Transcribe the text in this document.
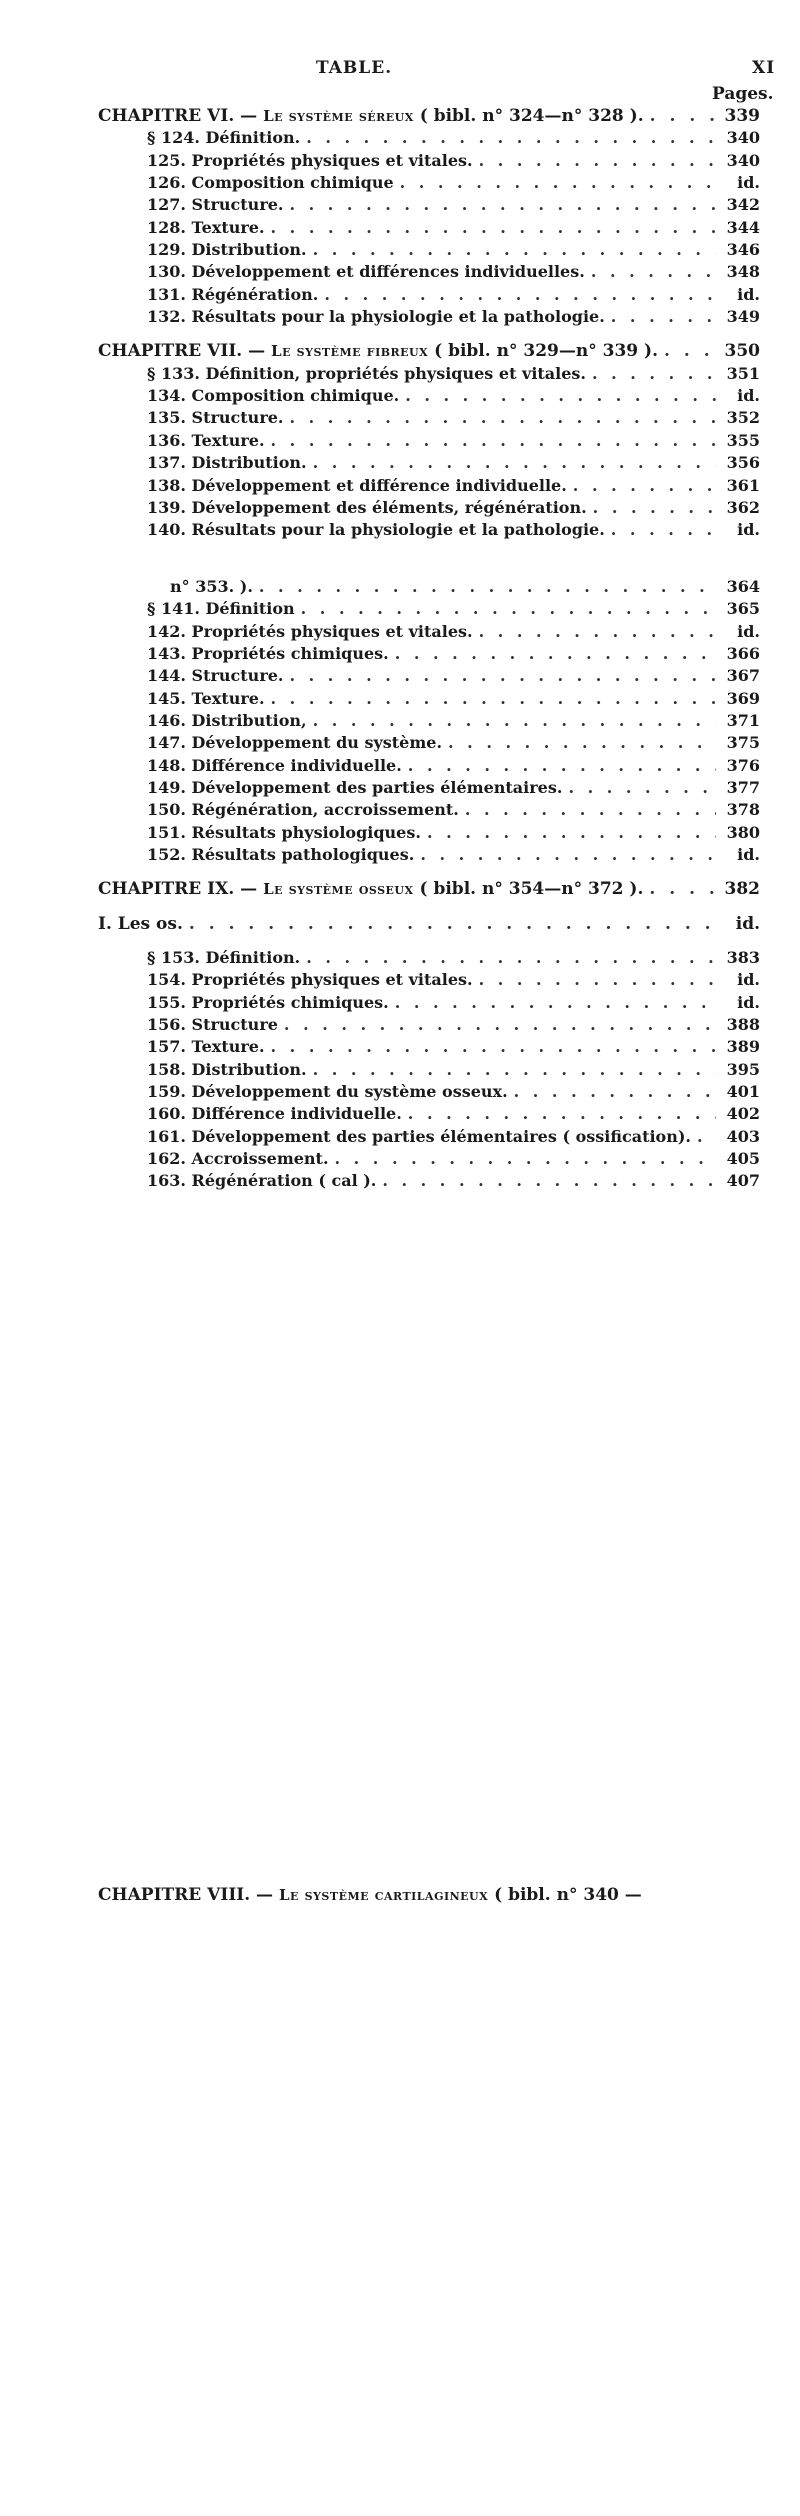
TABLE.	XI
Pages.
CHAPITRE VI. — Le système séreux ( bibl. n° 324—n° 328 ). . . .	339
§ 124. Définition. . . .	340
125. Propriétés physiques et vitales. . . .	340
126. Composition chimique . . .	id.
127. Structure. . . .	342
128. Texture. . . .	344
129. Distribution. . . .	346
130. Développement et différences individuelles. . . .	348
131. Régénération. . . .	id.
132. Résultats pour la physiologie et la pathologie. . . .	349
CHAPITRE VII. — Le système fibreux ( bibl. n° 329—n° 339 ). . . .	350
§ 133. Définition, propriétés physiques et vitales. . . .	351
134. Composition chimique. . . .	id.
135. Structure. . . .	352
136. Texture. . . .	355
137. Distribution. . . .	356
138. Développement et différence individuelle. . . .	361
139. Développement des éléments, régénération. . . .	362
140. Résultats pour la physiologie et la pathologie. . . .	id.
CHAPITRE VIII. — Le système cartilagineux ( bibl. n° 340 —
n° 353. ). . . .	364
§ 141. Définition . . .	365
142. Propriétés physiques et vitales. . . .	id.
143. Propriétés chimiques. . . .	366
144. Structure. . . .	367
145. Texture. . . .	369
146. Distribution, . . .	371
147. Développement du système. . . .	375
148. Différence individuelle. . . .	376
149. Développement des parties élémentaires. . . .	377
150. Régénération, accroissement. . . .	378
151. Résultats physiologiques. . . .	380
152. Résultats pathologiques. . . .	id.
CHAPITRE IX. — Le système osseux ( bibl. n° 354—n° 372 ). . . .	382
I. Les os. . . .	id.
§ 153. Définition. . . .	383
154. Propriétés physiques et vitales. . . .	id.
155. Propriétés chimiques. . . .	id.
156. Structure . . .	388
157. Texture. . . .	389
158. Distribution. . . .	395
159. Développement du système osseux. . . .	401
160. Différence individuelle. . . .	402
161. Développement des parties élémentaires ( ossification). . . . 403
162. Accroissement. . . .	405
163. Régénération ( cal ). . . .	407
